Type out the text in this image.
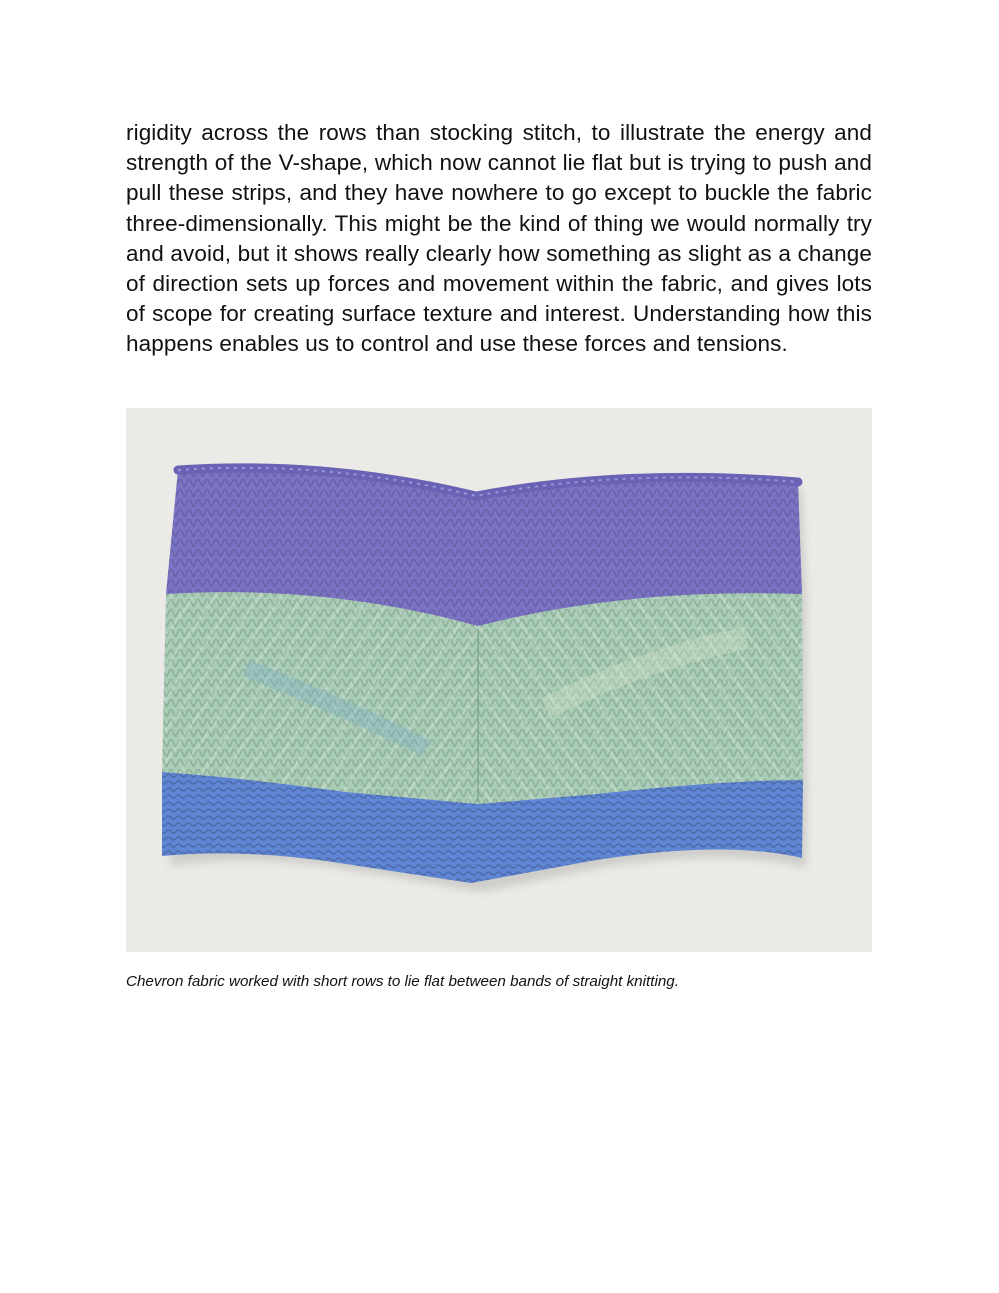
rigidity across the rows than stocking stitch, to illustrate the energy and strength of the V-shape, which now cannot lie flat but is trying to push and pull these strips, and they have nowhere to go except to buckle the fabric three-dimensionally. This might be the kind of thing we would normally try and avoid, but it shows really clearly how something as slight as a change of direction sets up forces and movement within the fabric, and gives lots of scope for creating surface texture and interest. Understanding how this happens enables us to control and use these forces and tensions.

Chevron fabric worked with short rows to lie flat between bands of straight knitting.
